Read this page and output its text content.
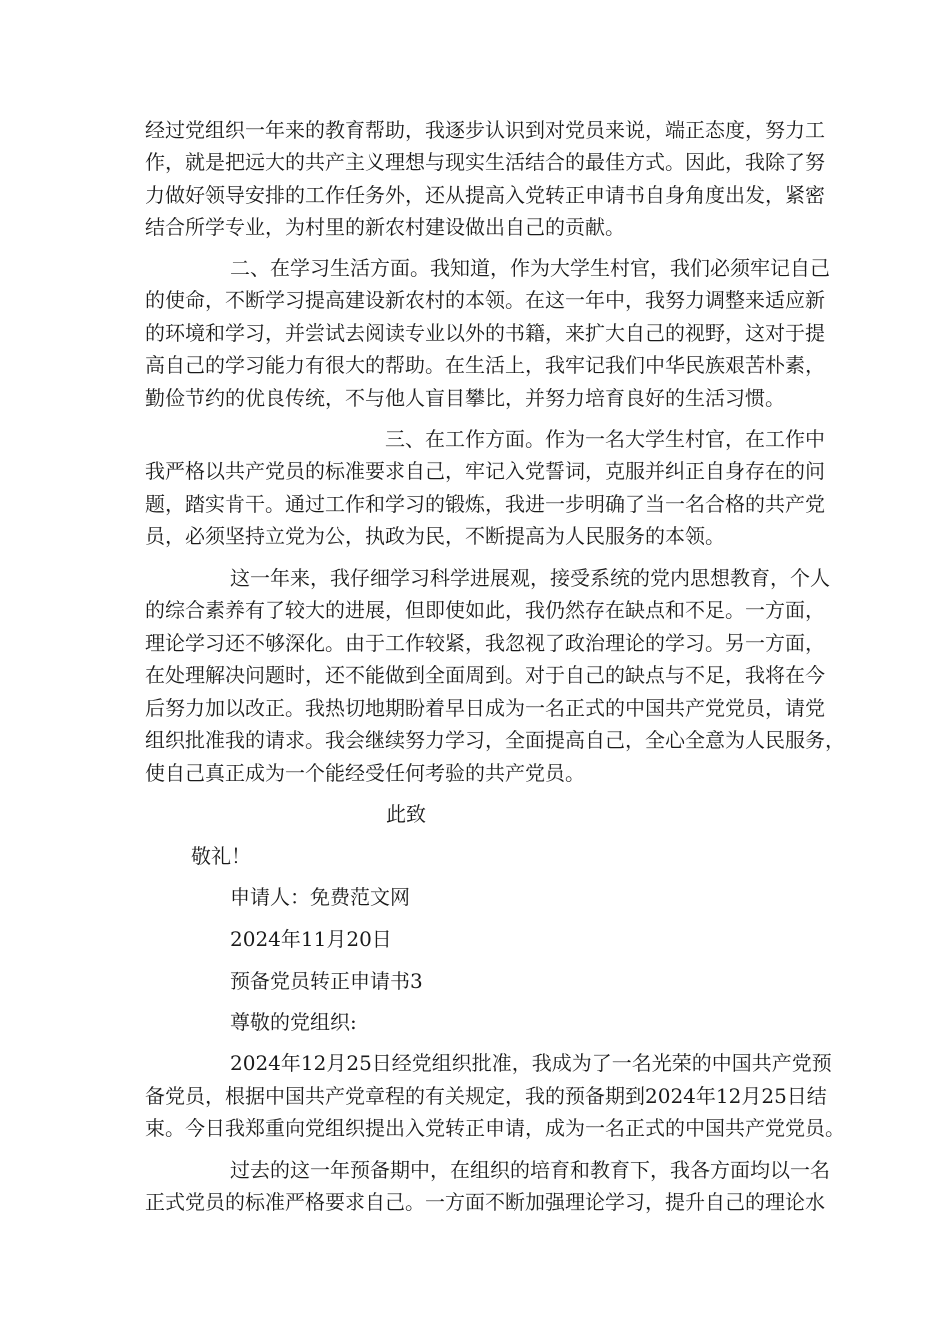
经过党组织一年来的教育帮助，我逐步认识到对党员来说，端正态度，努力工
作，就是把远大的共产主义理想与现实生活结合的最佳方式。因此，我除了努
力做好领导安排的工作任务外，还从提高入党转正申请书自身角度出发，紧密
结合所学专业，为村里的新农村建设做出自己的贡献。
二、在学习生活方面。我知道，作为大学生村官，我们必须牢记自己
的使命，不断学习提高建设新农村的本领。在这一年中，我努力调整来适应新
的环境和学习，并尝试去阅读专业以外的书籍，来扩大自己的视野，这对于提
高自己的学习能力有很大的帮助。在生活上，我牢记我们中华民族艰苦朴素，
勤俭节约的优良传统，不与他人盲目攀比，并努力培育良好的生活习惯。
三、在工作方面。作为一名大学生村官，在工作中
我严格以共产党员的标准要求自己，牢记入党誓词，克服并纠正自身存在的问
题，踏实肯干。通过工作和学习的锻炼，我进一步明确了当一名合格的共产党
员，必须坚持立党为公，执政为民，不断提高为人民服务的本领。
这一年来，我仔细学习科学进展观，接受系统的党内思想教育，个人
的综合素养有了较大的进展，但即使如此，我仍然存在缺点和不足。一方面，
理论学习还不够深化。由于工作较紧，我忽视了政治理论的学习。另一方面，
在处理解决问题时，还不能做到全面周到。对于自己的缺点与不足，我将在今
后努力加以改正。我热切地期盼着早日成为一名正式的中国共产党党员，请党
组织批准我的请求。我会继续努力学习，全面提高自己，全心全意为人民服务，
使自己真正成为一个能经受任何考验的共产党员。
此致
敬礼！
申请人：免费范文网
2024年11月20日
预备党员转正申请书3
尊敬的党组织:
2024年12月25日经党组织批准，我成为了一名光荣的中国共产党预
备党员，根据中国共产党章程的有关规定，我的预备期到2024年12月25日结
束。今日我郑重向党组织提出入党转正申请，成为一名正式的中国共产党党员。
过去的这一年预备期中，在组织的培育和教育下，我各方面均以一名
正式党员的标准严格要求自己。一方面不断加强理论学习，提升自己的理论水
